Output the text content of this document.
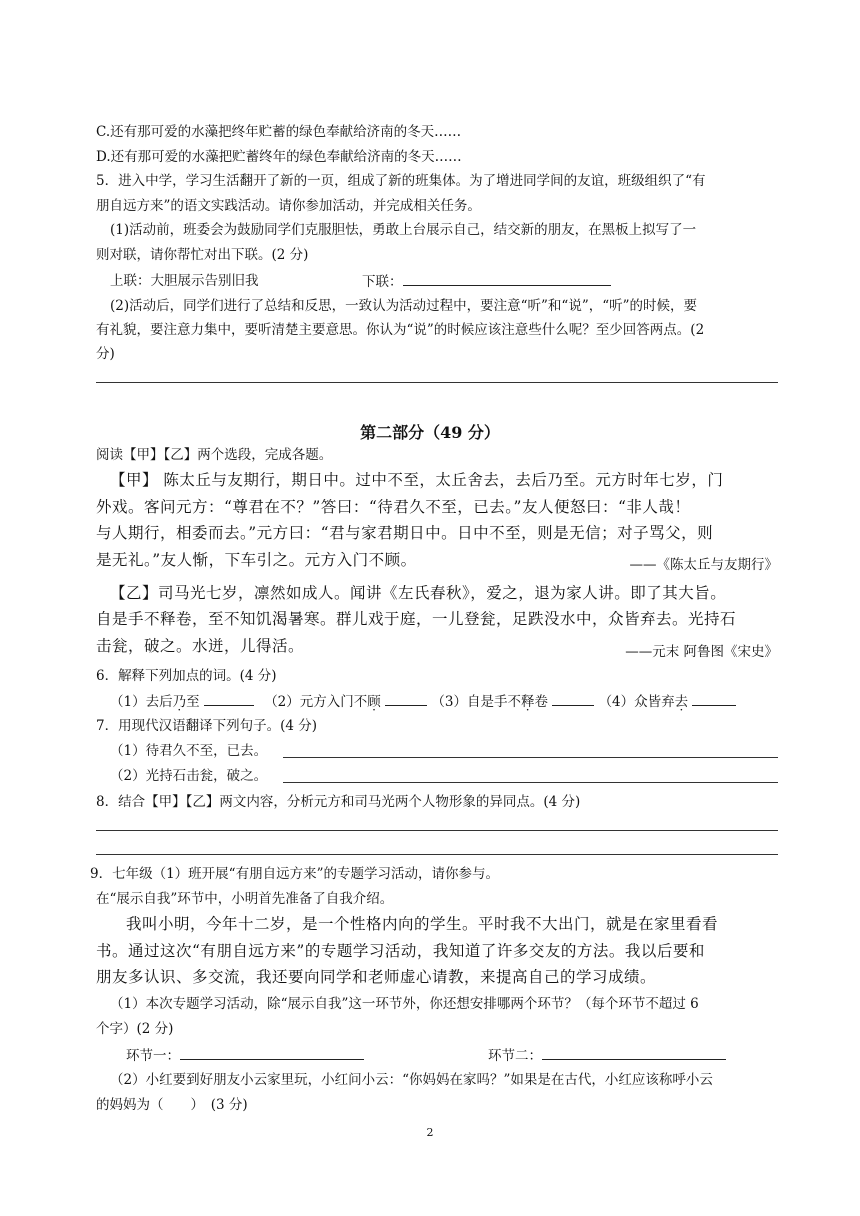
C.还有那可爱的水藻把终年贮蓄的绿色奉献给济南的冬天……
D.还有那可爱的水藻把贮蓄终年的绿色奉献给济南的冬天……
5．进入中学，学习生活翻开了新的一页，组成了新的班集体。为了增进同学间的友谊，班级组织了“有
朋自远方来”的语文实践活动。请你参加活动，并完成相关任务。
(1)活动前，班委会为鼓励同学们克服胆怯，勇敢上台展示自己，结交新的朋友，在黑板上拟写了一
则对联，请你帮忙对出下联。(2 分)
上联：大胆展示告别旧我	下联：
(2)活动后，同学们进行了总结和反思，一致认为活动过程中，要注意“听”和“说”，“听”的时候，要
有礼貌，要注意力集中，要听清楚主要意思。你认为“说”的时候应该注意些什么呢？至少回答两点。(2
分)
第二部分（49 分）
阅读【甲】【乙】两个选段，完成各题。
【甲】 陈太丘与友期行，期日中。过中不至，太丘舍去，去后乃至。元方时年七岁，门
外戏。客问元方：“尊君在不？”答曰：“待君久不至，已去。”友人便怒曰：“非人哉！
与人期行，相委而去。”元方曰：“君与家君期日中。日中不至，则是无信；对子骂父，则
是无礼。”友人惭，下车引之。元方入门不顾。	——《陈太丘与友期行》
【乙】司马光七岁，凛然如成人。闻讲《左氏春秋》，爱之，退为家人讲。即了其大旨。
自是手不释卷，至不知饥渴暑寒。群儿戏于庭，一儿登瓮，足跌没水中，众皆弃去。光持石
击瓮，破之。水迸，儿得活。	——元末 阿鲁图《宋史》
6．解释下列加点的词。(4 分)
（1）去后乃至	（2）元方入门不顾	（3）自是手不释卷	（4）众皆弃去
7．用现代汉语翻译下列句子。(4 分)
（1）待君久不至，已去。
（2）光持石击瓮，破之。
8．结合【甲】【乙】两文内容，分析元方和司马光两个人物形象的异同点。(4 分)
9．七年级（1）班开展“有朋自远方来”的专题学习活动，请你参与。
在“展示自我”环节中，小明首先准备了自我介绍。
我叫小明，今年十二岁，是一个性格内向的学生。平时我不大出门，就是在家里看看
书。通过这次“有朋自远方来”的专题学习活动，我知道了许多交友的方法。我以后要和
朋友多认识、多交流，我还要向同学和老师虚心请教，来提高自己的学习成绩。
（1）本次专题学习活动，除“展示自我”这一环节外，你还想安排哪两个环节？（每个环节不超过 6
个字）(2 分)
环节一：	环节二：
（2）小红要到好朋友小云家里玩，小红问小云：“你妈妈在家吗？”如果是在古代，小红应该称呼小云
的妈妈为（　　）　(3 分)
2
